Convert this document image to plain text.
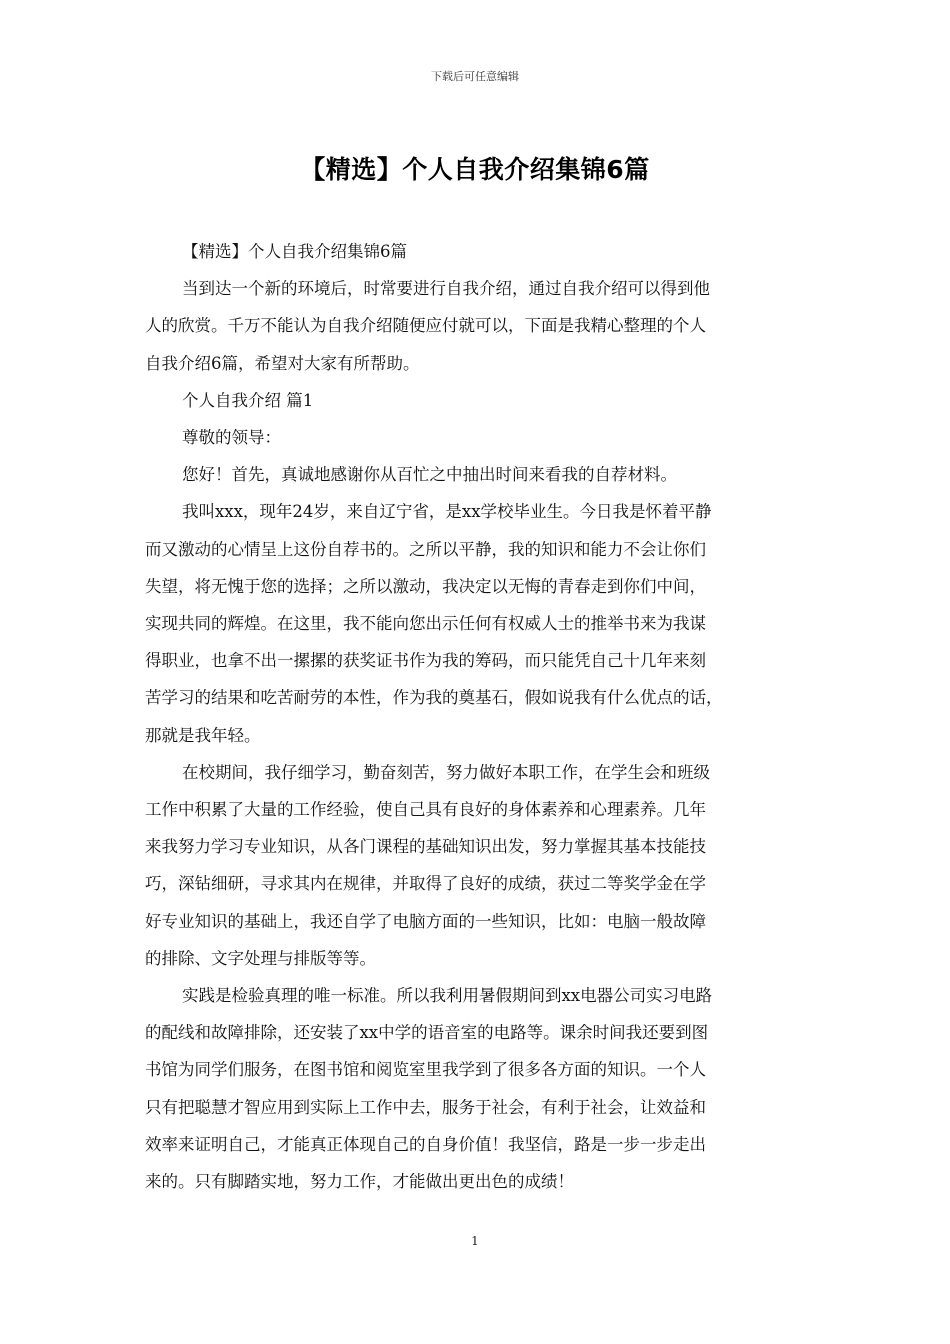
下载后可任意编辑
【精选】个人自我介绍集锦6篇

【精选】个人自我介绍集锦6篇

当到达一个新的环境后，时常要进行自我介绍，通过自我介绍可以得到他
人的欣赏。千万不能认为自我介绍随便应付就可以，下面是我精心整理的个人
自我介绍6篇，希望对大家有所帮助。

个人自我介绍 篇1

尊敬的领导：

您好！首先，真诚地感谢你从百忙之中抽出时间来看我的自荐材料。

我叫xxx，现年24岁，来自辽宁省，是xx学校毕业生。今日我是怀着平静
而又激动的心情呈上这份自荐书的。之所以平静，我的知识和能力不会让你们
失望，将无愧于您的选择；之所以激动，我决定以无悔的青春走到你们中间，
实现共同的辉煌。在这里，我不能向您出示任何有权威人士的推举书来为我谋
得职业，也拿不出一摞摞的获奖证书作为我的筹码，而只能凭自己十几年来刻
苦学习的结果和吃苦耐劳的本性，作为我的奠基石，假如说我有什么优点的话，
那就是我年轻。

在校期间，我仔细学习，勤奋刻苦，努力做好本职工作，在学生会和班级
工作中积累了大量的工作经验，使自己具有良好的身体素养和心理素养。几年
来我努力学习专业知识，从各门课程的基础知识出发，努力掌握其基本技能技
巧，深钻细研，寻求其内在规律，并取得了良好的成绩，获过二等奖学金在学
好专业知识的基础上，我还自学了电脑方面的一些知识，比如：电脑一般故障
的排除、文字处理与排版等等。

实践是检验真理的唯一标准。所以我利用暑假期间到xx电器公司实习电路
的配线和故障排除，还安装了xx中学的语音室的电路等。课余时间我还要到图
书馆为同学们服务，在图书馆和阅览室里我学到了很多各方面的知识。一个人
只有把聪慧才智应用到实际上工作中去，服务于社会，有利于社会，让效益和
效率来证明自己，才能真正体现自己的自身价值！我坚信，路是一步一步走出
来的。只有脚踏实地，努力工作，才能做出更出色的成绩！

1
